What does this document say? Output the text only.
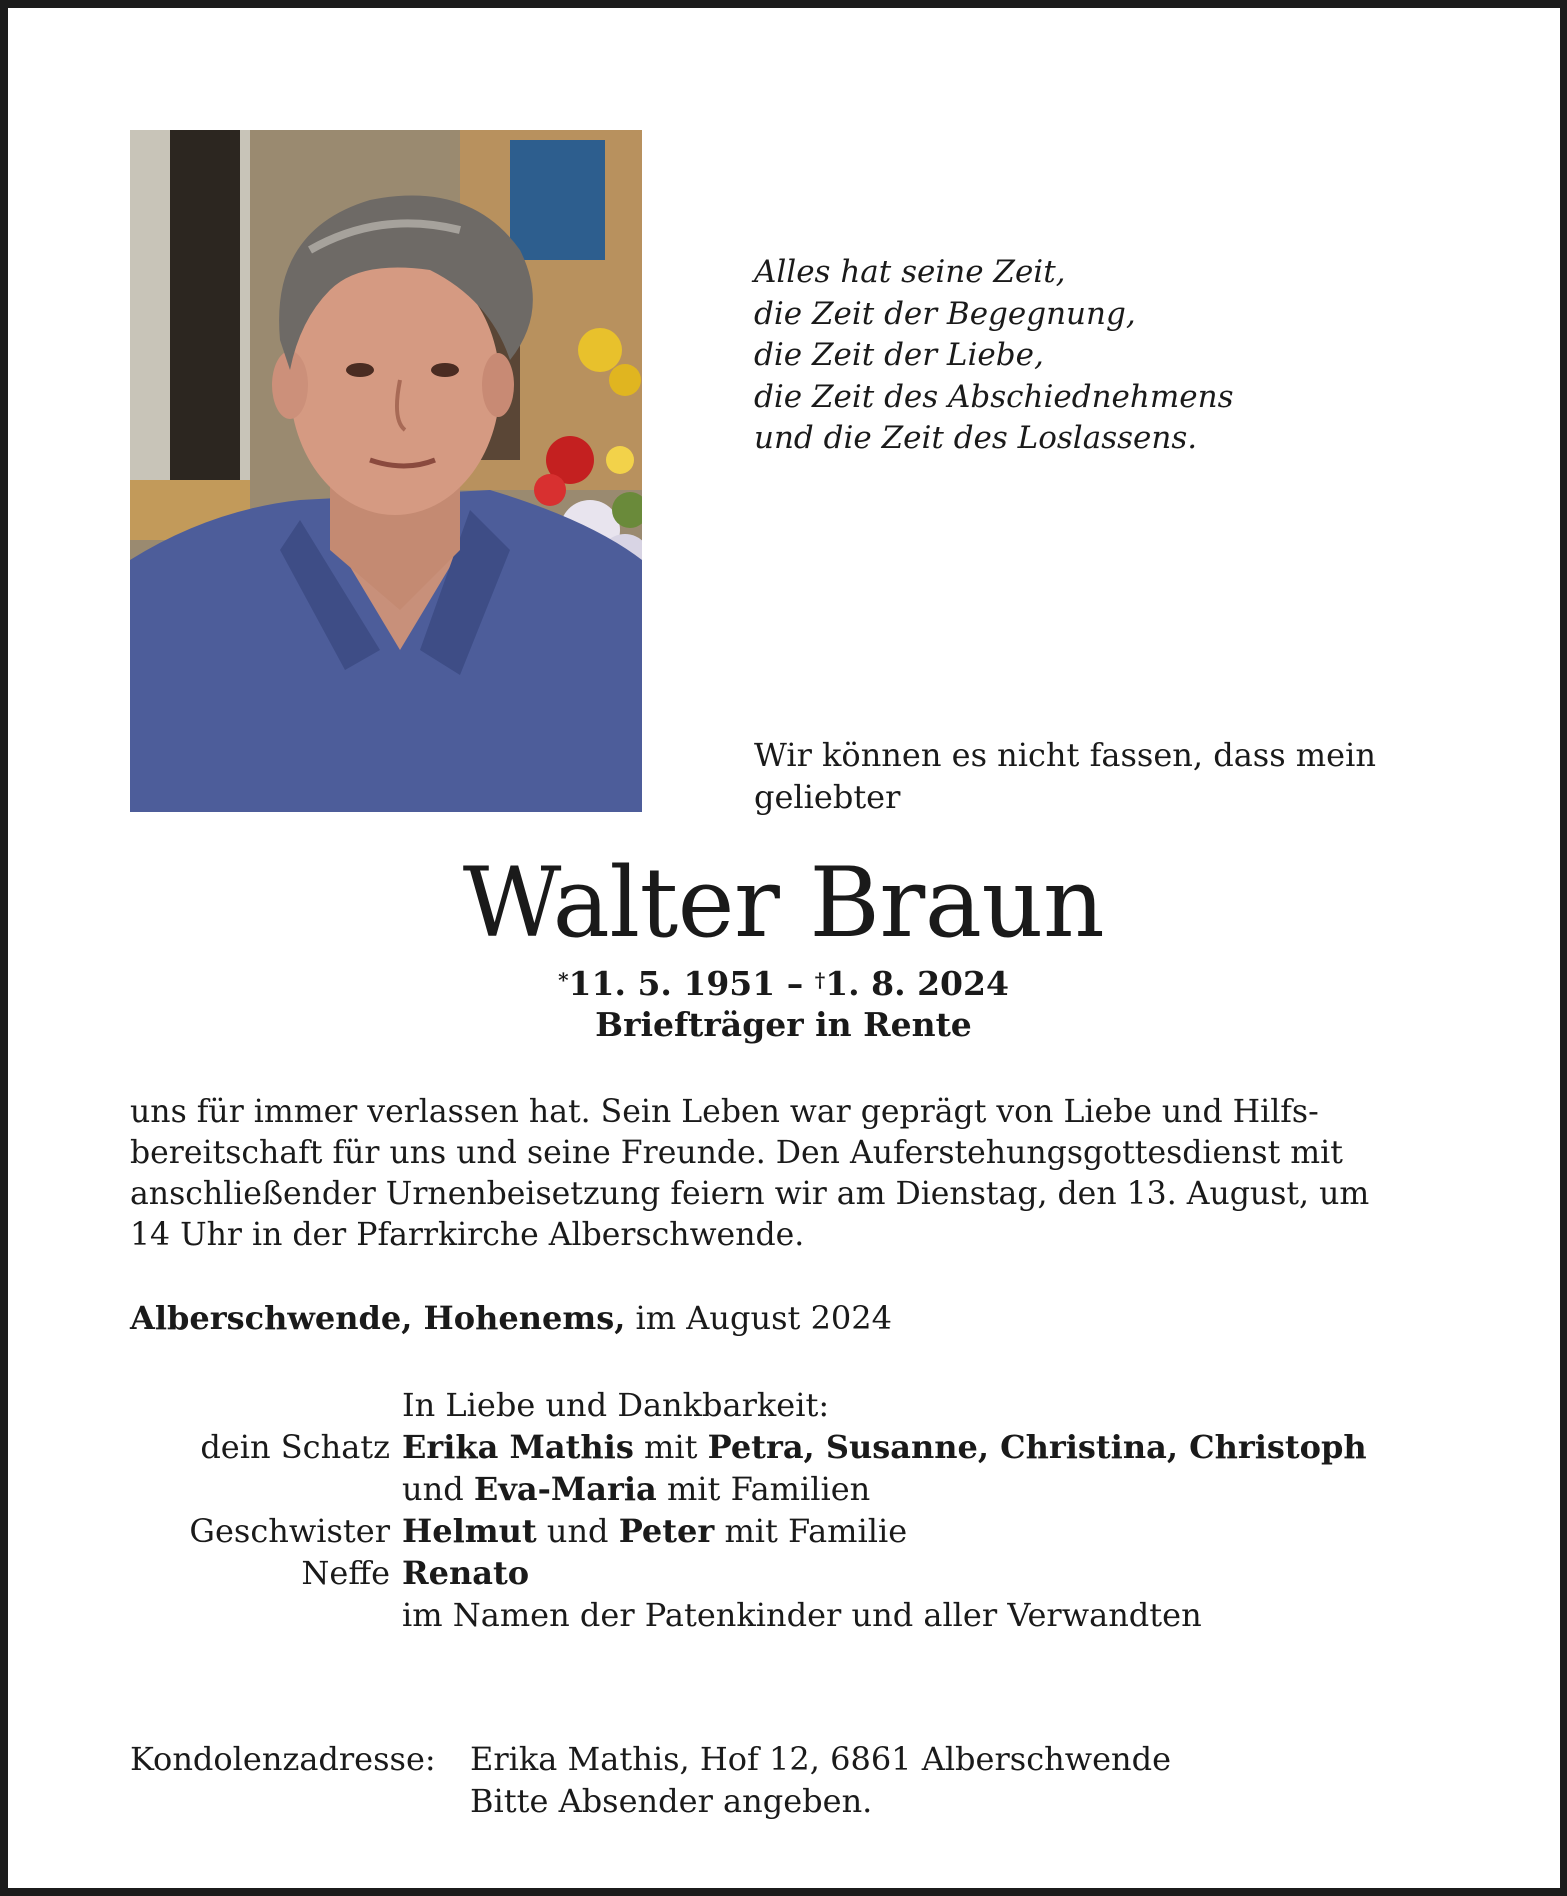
Alles hat seine Zeit,
die Zeit der Begegnung,
die Zeit der Liebe,
die Zeit des Abschiednehmens
und die Zeit des Loslassens.
Wir können es nicht fassen, dass mein
geliebter
Walter Braun
*11. 5. 1951 – †1. 8. 2024
Briefträger in Rente
uns für immer verlassen hat. Sein Leben war geprägt von Liebe und Hilfs-
bereitschaft für uns und seine Freunde. Den Auferstehungsgottesdienst mit
anschließender Urnenbeisetzung feiern wir am Dienstag, den 13. August, um
14 Uhr in der Pfarrkirche Alberschwende.
Alberschwende, Hohenems, im August 2024
In Liebe und Dankbarkeit:
dein Schatz Erika Mathis mit Petra, Susanne, Christina, Christoph
und Eva-Maria mit Familien
Geschwister Helmut und Peter mit Familie
Neffe Renato
im Namen der Patenkinder und aller Verwandten
Kondolenzadresse:	Erika Mathis, Hof 12, 6861 Alberschwende
Bitte Absender angeben.
